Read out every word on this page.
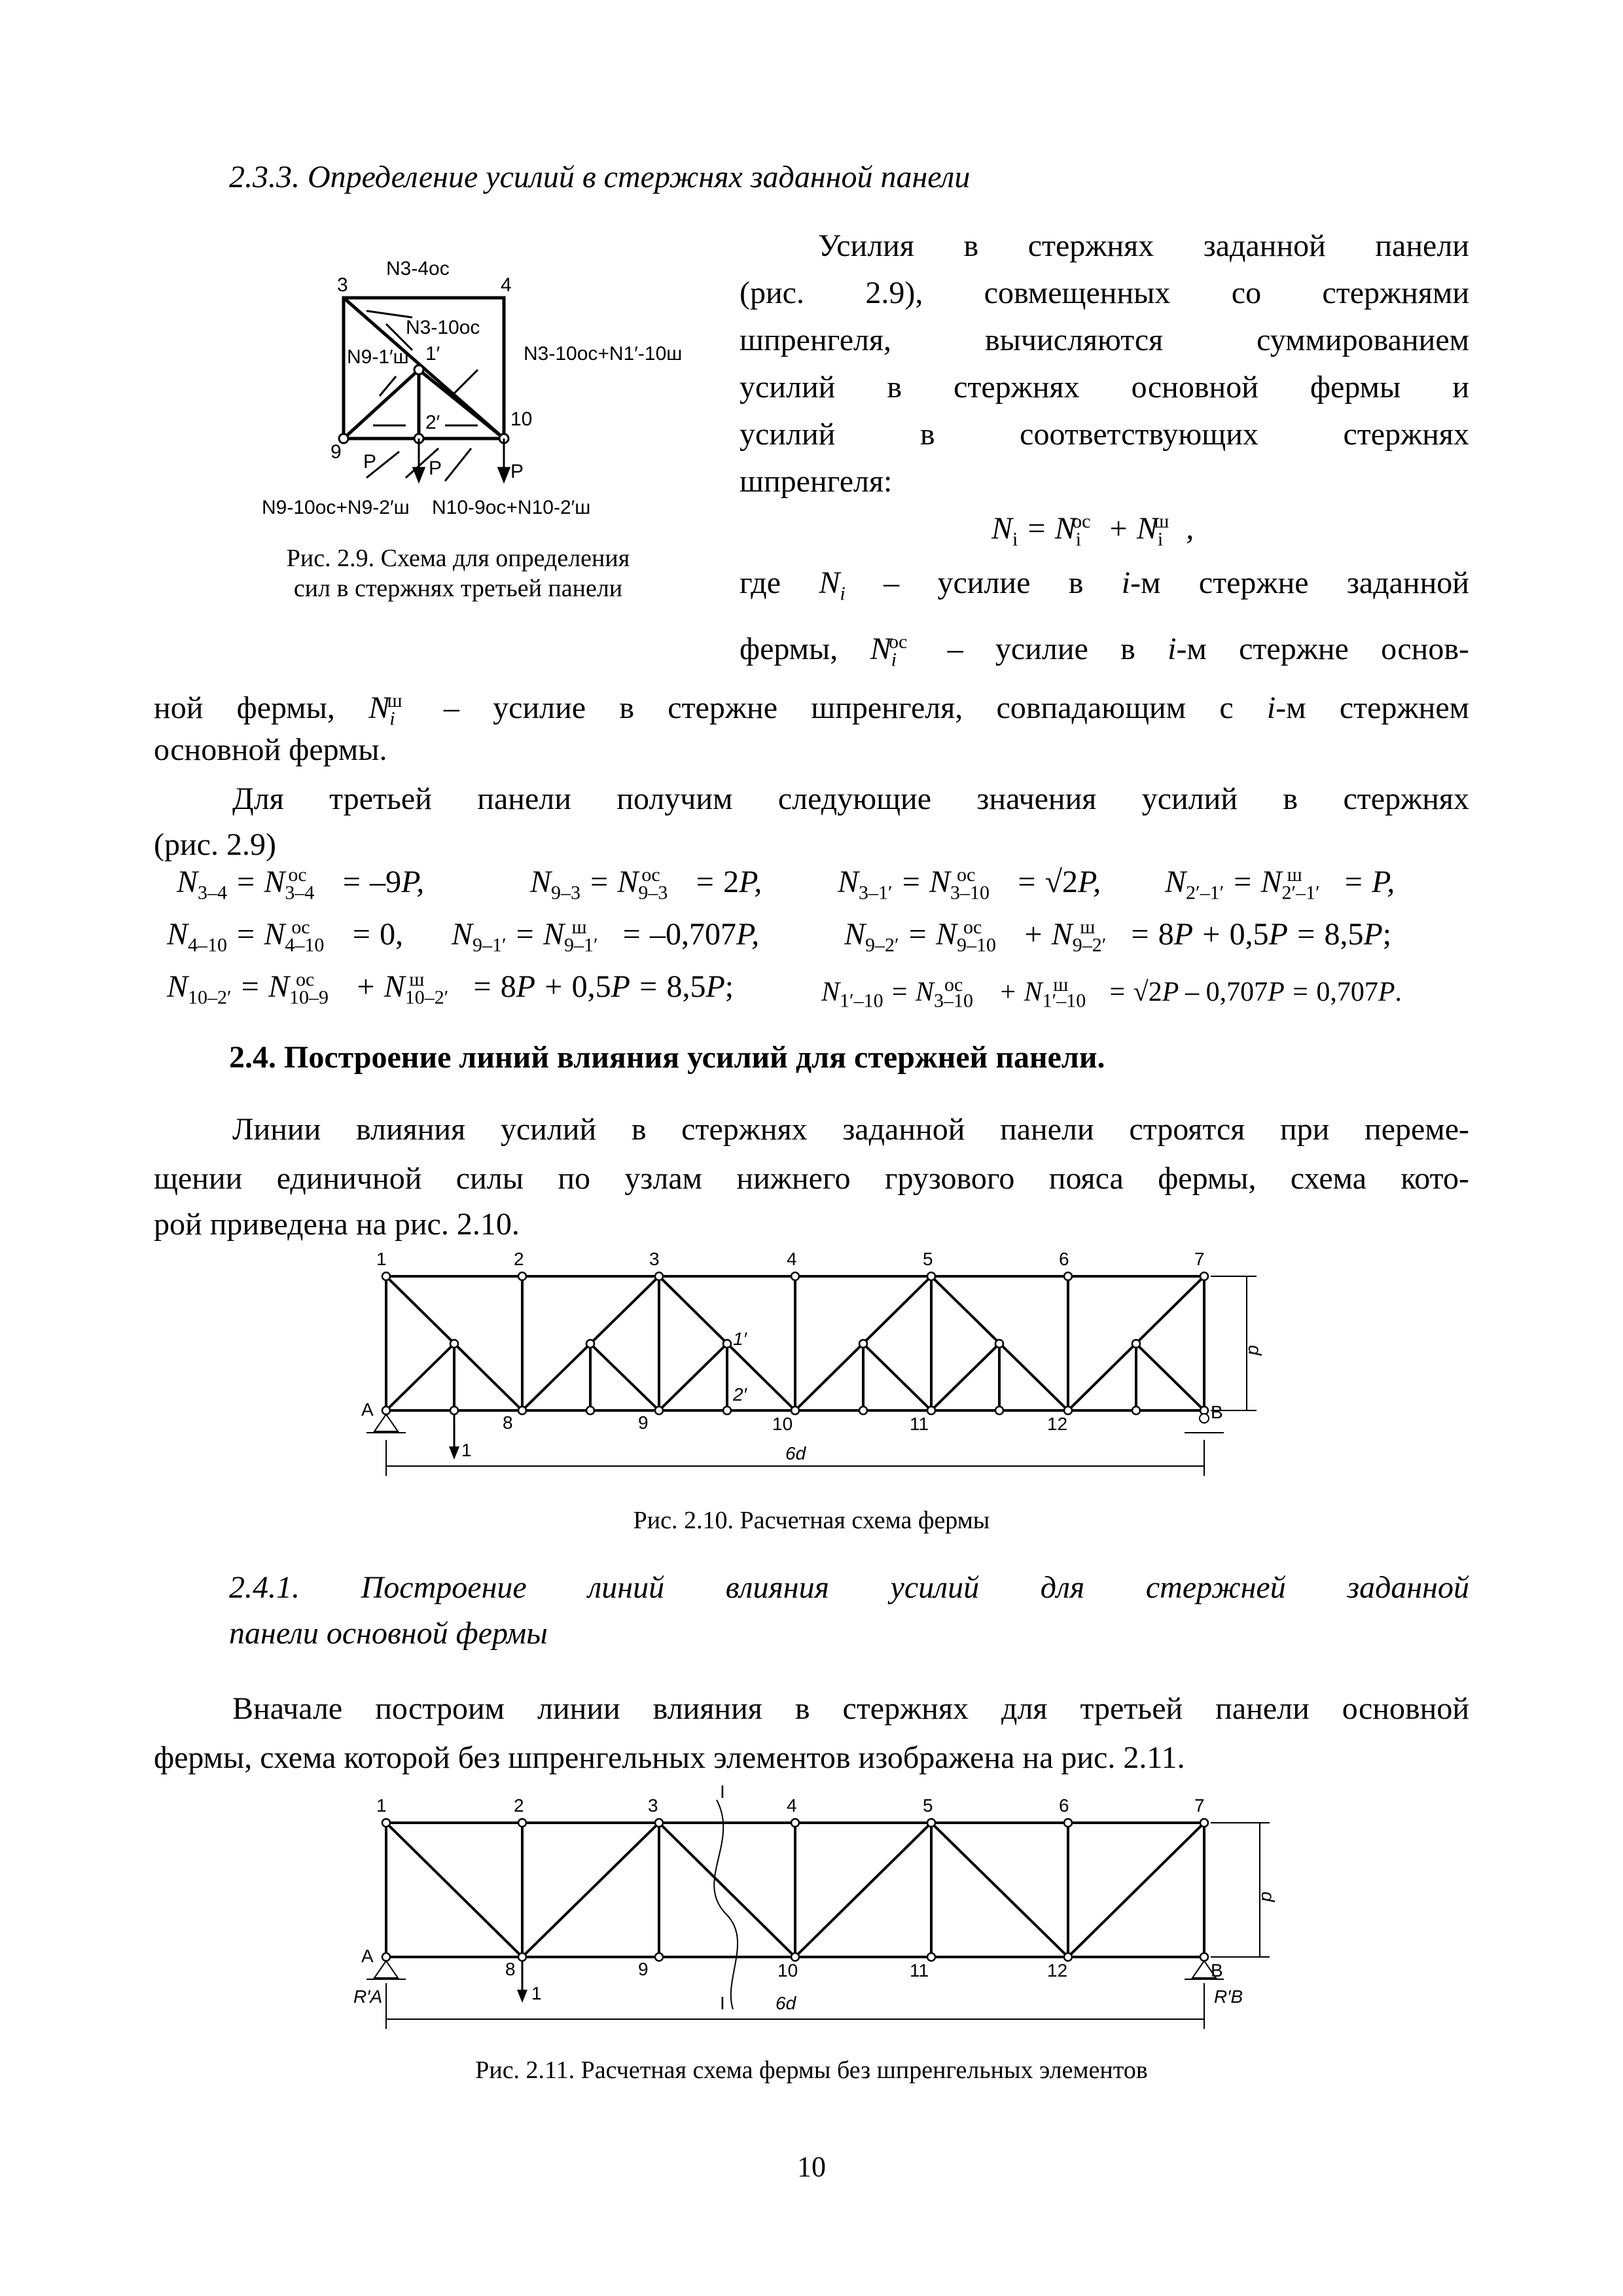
2.3.3. Определение усилий в стержнях заданной панели
Усилия в стержнях заданной панели
(рис. 2.9), совмещенных со стержнями
шпренгеля, вычисляются суммированием
усилий в стержнях основной фермы и
усилий в соответствующих стержнях
шпренгеля:
$N_i = N_i^{oc} + N_i^ш$ ,
где $N_i$ – усилие в i-м стержне заданной
фермы, $N_i^{oc}$ – усилие в i-м стержне основ-
ной фермы, $N_i^ш$ – усилие в стержне шпренгеля, совпадающим с i-м стержнем
основной фермы.
Для третьей панели получим следующие значения усилий в стержнях
(рис. 2.9)
$N_{3-4} = N_{3-4}^{oc} = -9P$,	$N_{9-3} = N_{9-3}^{oc} = 2P$, $N_{3-1'} = N_{3-10}^{oc} = √2P$, $N_{2'-1'} = N_{2'-1'}^ш = P$,
$N_{4-10} = N_{4-10}^{oc} = 0$, $N_{9-1'} = N_{9-1'}^ш = -0,707P$,	$N_{9-2'} = N_{9-10}^{oc} + N_{9-2'}^ш = 8P + 0,5P = 8,5P$;
$N_{10-2'} = N_{10-9}^{oc} + N_{10-2'}^ш = 8P + 0,5P = 8,5P$;	$N_{1'-10} = N_{3-10}^{oc} + N_{1'-10}^ш = √2P - 0,707P = 0,707P$.
3	4
1′
2′
9
10
P	P	P
N3-4ос
N3-10ос
N9-1′ш	N3-10ос+N1′-10ш
N9-10ос+N9-2′ш N10-9ос+N10-2′ш
Рис. 2.9. Схема для определения
сил в стержнях третьей панели
2.4. Построение линий влияния усилий для стержней панели.
Линии влияния усилий в стержнях заданной панели строятся при переме-
щении единичной силы по узлам нижнего грузового пояса фермы, схема кото-
рой приведена на рис. 2.10.
1	2	3	4	5	6	7
8	9	10	11	12
A	B
1′
2′
1	6d
d
Рис. 2.10. Расчетная схема фермы
2.4.1. Построение линий влияния усилий для стержней заданной
панели основной фермы
Вначале построим линии влияния в стержнях для третьей панели основной
фермы, схема которой без шпренгельных элементов изображена на рис. 2.11.
1	2	3	4	5	6	7
8	9	10	11	12
A
B
R′A	R′B
I
I
1	6d
d
Рис. 2.11. Расчетная схема фермы без шпренгельных элементов
10
